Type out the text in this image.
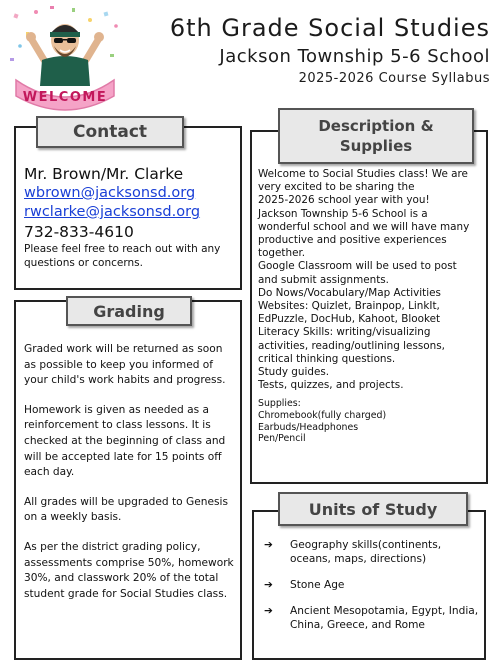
WELCOME
6th Grade Social Studies
Jackson Township 5-6 School
2025-2026 Course Syllabus
Mr. Brown/Mr. Clarke
wbrown@jacksonsd.org
rwclarke@jacksonsd.org
732-833-4610
Please feel free to reach out with any questions or concerns.
Contact

Graded work will be returned as soon as possible to keep you informed of your child's work habits and progress.

Homework is given as needed as a reinforcement to class lessons. It is checked at the beginning of class and will be accepted late for 15 points off each day.

All grades will be upgraded to Genesis on a weekly basis.

As per the district grading policy, assessments comprise 50%, homework 30%, and classwork 20% of the total student grade for Social Studies class.

Grading
Welcome to Social Studies class! We are
very excited to be sharing the
2025-2026 school year with you!
Jackson Township 5-6 School is a
wonderful school and we will have many
productive and positive experiences
together.
Google Classroom will be used to post
and submit assignments.
Do Nows/Vocabulary/Map Activities
Websites: Quizlet, Brainpop, LinkIt,
EdPuzzle, DocHub, Kahoot, Blooket
Literacy Skills: writing/visualizing
activities, reading/outlining lessons,
critical thinking questions.
Study guides.
Tests, quizzes, and projects.
Supplies:
Chromebook(fully charged)
Earbuds/Headphones
Pen/Pencil
Description & Supplies
➔	Geography skills(continents, oceans, maps, directions)
➔	Stone Age
➔	Ancient Mesopotamia, Egypt, India, China, Greece, and Rome
Units of Study
